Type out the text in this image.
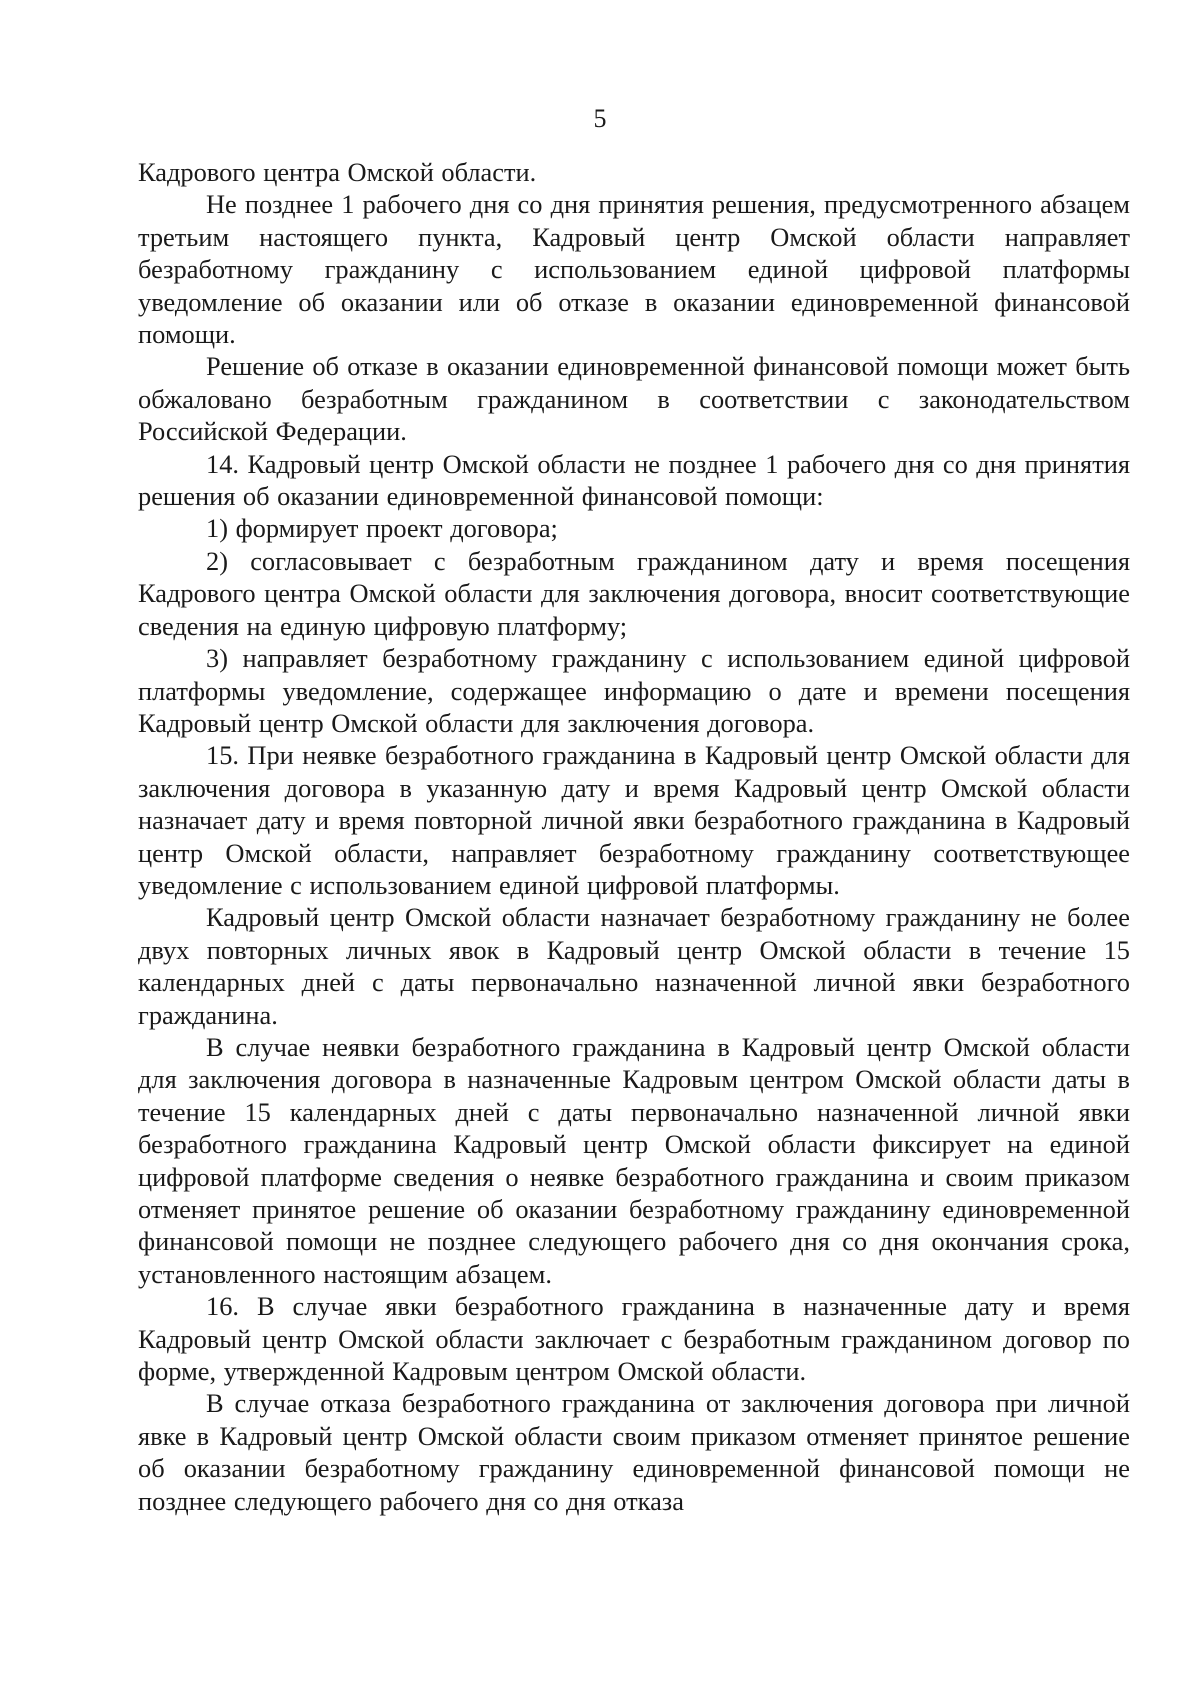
5

Кадрового центра Омской области.

Не позднее 1 рабочего дня со дня принятия решения, предусмотренного абзацем третьим настоящего пункта, Кадровый центр Омской области направляет безработному гражданину с использованием единой цифровой платформы уведомление об оказании или об отказе в оказании единовременной финансовой помощи.

Решение об отказе в оказании единовременной финансовой помощи может быть обжаловано безработным гражданином в соответствии с законодательством Российской Федерации.

14. Кадровый центр Омской области не позднее 1 рабочего дня со дня принятия решения об оказании единовременной финансовой помощи:

1) формирует проект договора;

2) согласовывает с безработным гражданином дату и время посещения Кадрового центра Омской области для заключения договора, вносит соответствующие сведения на единую цифровую платформу;

3) направляет безработному гражданину с использованием единой цифровой платформы уведомление, содержащее информацию о дате и времени посещения Кадровый центр Омской области для заключения договора.

15. При неявке безработного гражданина в Кадровый центр Омской области для заключения договора в указанную дату и время Кадровый центр Омской области назначает дату и время повторной личной явки безработного гражданина в Кадровый центр Омской области, направляет безработному гражданину соответствующее уведомление с использованием единой цифровой платформы.

Кадровый центр Омской области назначает безработному гражданину не более двух повторных личных явок в Кадровый центр Омской области в течение 15 календарных дней с даты первоначально назначенной личной явки безработного гражданина.

В случае неявки безработного гражданина в Кадровый центр Омской области для заключения договора в назначенные Кадровым центром Омской области даты в течение 15 календарных дней с даты первоначально назначенной личной явки безработного гражданина Кадровый центр Омской области фиксирует на единой цифровой платформе сведения о неявке безработного гражданина и своим приказом отменяет принятое решение об оказании безработному гражданину единовременной финансовой помощи не позднее следующего рабочего дня со дня окончания срока, установленного настоящим абзацем.

16. В случае явки безработного гражданина в назначенные дату и время Кадровый центр Омской области заключает с безработным гражданином договор по форме, утвержденной Кадровым центром Омской области.

В случае отказа безработного гражданина от заключения договора при личной явке в Кадровый центр Омской области своим приказом отменяет принятое решение об оказании безработному гражданину единовременной финансовой помощи не позднее следующего рабочего дня со дня отказа
